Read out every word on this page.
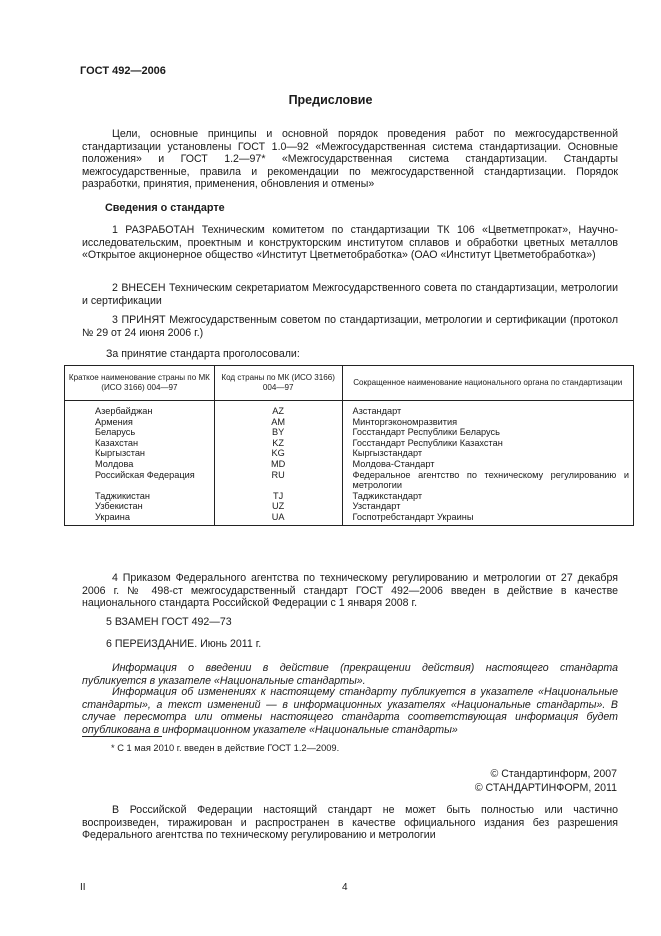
ГОСТ 492—2006
Предисловие
Цели, основные принципы и основной порядок проведения работ по межгосударственной стандартизации установлены ГОСТ 1.0—92 «Межгосударственная система стандартизации. Основные положения» и ГОСТ 1.2—97* «Межгосударственная система стандартизации. Стандарты межгосударственные, правила и рекомендации по межгосударственной стандартизации. Порядок разработки, принятия, применения, обновления и отмены»
Сведения о стандарте
1 РАЗРАБОТАН Техническим комитетом по стандартизации ТК 106 «Цветметпрокат», Научно-исследовательским, проектным и конструкторским институтом сплавов и обработки цветных металлов «Открытое акционерное общество «Институт Цветметобработка» (ОАО «Институт Цветметобработка»)
2 ВНЕСЕН Техническим секретариатом Межгосударственного совета по стандартизации, метрологии и сертификации
3 ПРИНЯТ Межгосударственным советом по стандартизации, метрологии и сертификации (протокол № 29 от 24 июня 2006 г.)
За принятие стандарта проголосовали:
Краткое наименование страны по МК (ИСО 3166) 004—97	Код страны по МК (ИСО 3166) 004—97	Сокращенное наименование национального органа по стандартизации
Азербайджан	AZ	Азстандарт
Армения	AM	Минторгэкономразвития
Беларусь	BY	Госстандарт Республики Беларусь
Казахстан	KZ	Госстандарт Республики Казахстан
Кыргызстан	KG	Кыргызстандарт
Молдова	MD	Молдова-Стандарт
Российская Федерация	RU	Федеральное агентство по техническому регулированию и метрологии
Таджикистан	TJ	Таджикстандарт
Узбекистан	UZ	Узстандарт
Украина	UA	Госпотребстандарт Украины
4 Приказом Федерального агентства по техническому регулированию и метрологии от 27 декабря 2006 г. № 498-ст межгосударственный стандарт ГОСТ 492—2006 введен в действие в качестве национального стандарта Российской Федерации с 1 января 2008 г.
5 ВЗАМЕН ГОСТ 492—73
6 ПЕРЕИЗДАНИЕ. Июнь 2011 г.
Информация о введении в действие (прекращении действия) настоящего стандарта публикуется в указателе «Национальные стандарты».
Информация об изменениях к настоящему стандарту публикуется в указателе «Национальные стандарты», а текст изменений — в информационных указателях «Национальные стандарты». В случае пересмотра или отмены настоящего стандарта соответствующая информация будет опубликована в информационном указателе «Национальные стандарты»
* С 1 мая 2010 г. введен в действие ГОСТ 1.2—2009.
© Стандартинформ, 2007
© СТАНДАРТИНФОРМ, 2011
В Российской Федерации настоящий стандарт не может быть полностью или частично воспроизведен, тиражирован и распространен в качестве официального издания без разрешения Федерального агентства по техническому регулированию и метрологии
II	4
